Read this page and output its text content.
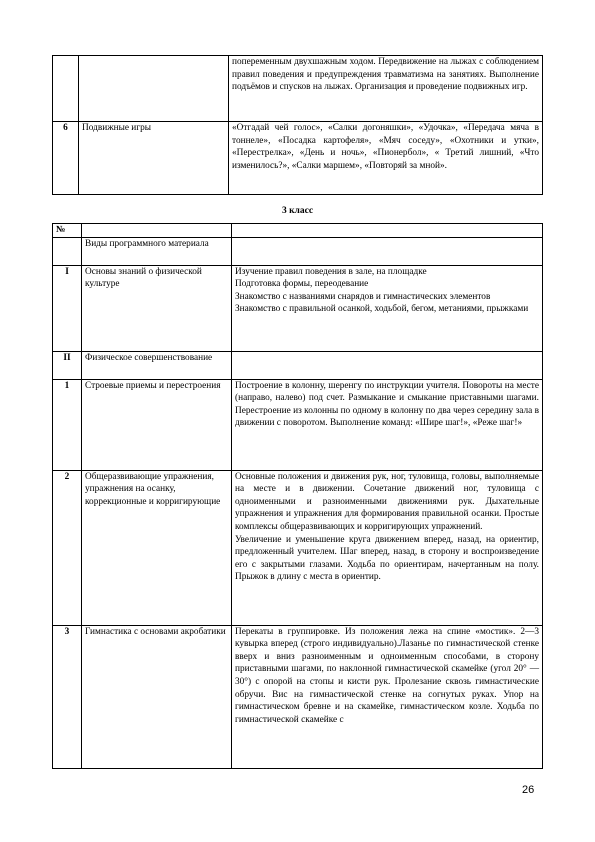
		попеременным двухшажным ходом. Передвижение на лыжах с соблюдением правил поведения и предупреждения травматизма на занятиях. Выполнение подъёмов и спусков на лыжах. Организация и проведение подвижных игр.
6	Подвижные игры	«Отгадай чей голос», «Салки догоняшки», «Удочка», «Передача мяча в тоннеле», «Посадка картофеля», «Мяч соседу», «Охотники и утки», «Перестрелка», «День и ночь», «Пионербол», « Третий лишний, «Что изменилось?», «Салки маршем», «Повторяй за мной».
3 класс
№		
	Виды программного материала	
I	Основы знаний о физической культуре	Изучение правил поведения в зале, на площадке

Подготовка формы, переодевание

Знакомство с названиями снарядов и гимнастических элементов

Знакомство с правильной осанкой, ходьбой, бегом, метаниями, прыжками

II	Физическое совершенствование	
1	Строевые приемы и перестроения	Построение в колонну, шеренгу по инструкции учителя. Повороты на месте (направо, налево) под счет. Размыкание и смыкание приставными шагами. Перестроение из колонны по одному в колонну по два через середину зала в движении с поворотом. Выполнение команд: «Шире шаг!», «Реже шаг!»

2	Общеразвивающие упражнения, упражнения на осанку, коррекционные и корригирующие	Основные положения и движения рук, ног, туловища, головы, выполняемые на месте и в движении. Сочетание движений ног, туловища с одноименными и разноименными движениями рук. Дыхательные упражнения и упражнения для формирования правильной осанки. Простые комплексы общеразвивающих и корригирующих упражнений.

Увеличение и уменьшение круга движением вперед, назад, на ориентир, предложенный учителем. Шаг вперед, назад, в сторону и воспроизведение его с закрытыми глазами. Ходьба по ориентирам, начертанным на полу. Прыжок в длину с места в ориентир.

3	Гимнастика с основами акробатики	Перекаты в группировке. Из положения лежа на спине «мостик». 2—3 кувырка вперед (строго индивидуально).Лазанье по гимнастической стенке вверх и вниз разноименным и одноименным способами, в сторону приставными шагами, по наклонной гимнастической скамейке (угол 20° — 30°) с опорой на стопы и кисти рук. Пролезание сквозь гимнастические обручи. Вис на гимнастической стенке на согнутых руках. Упор на гимнастическом бревне и на скамейке, гимнастическом козле. Ходьба по гимнастической скамейке с

26
